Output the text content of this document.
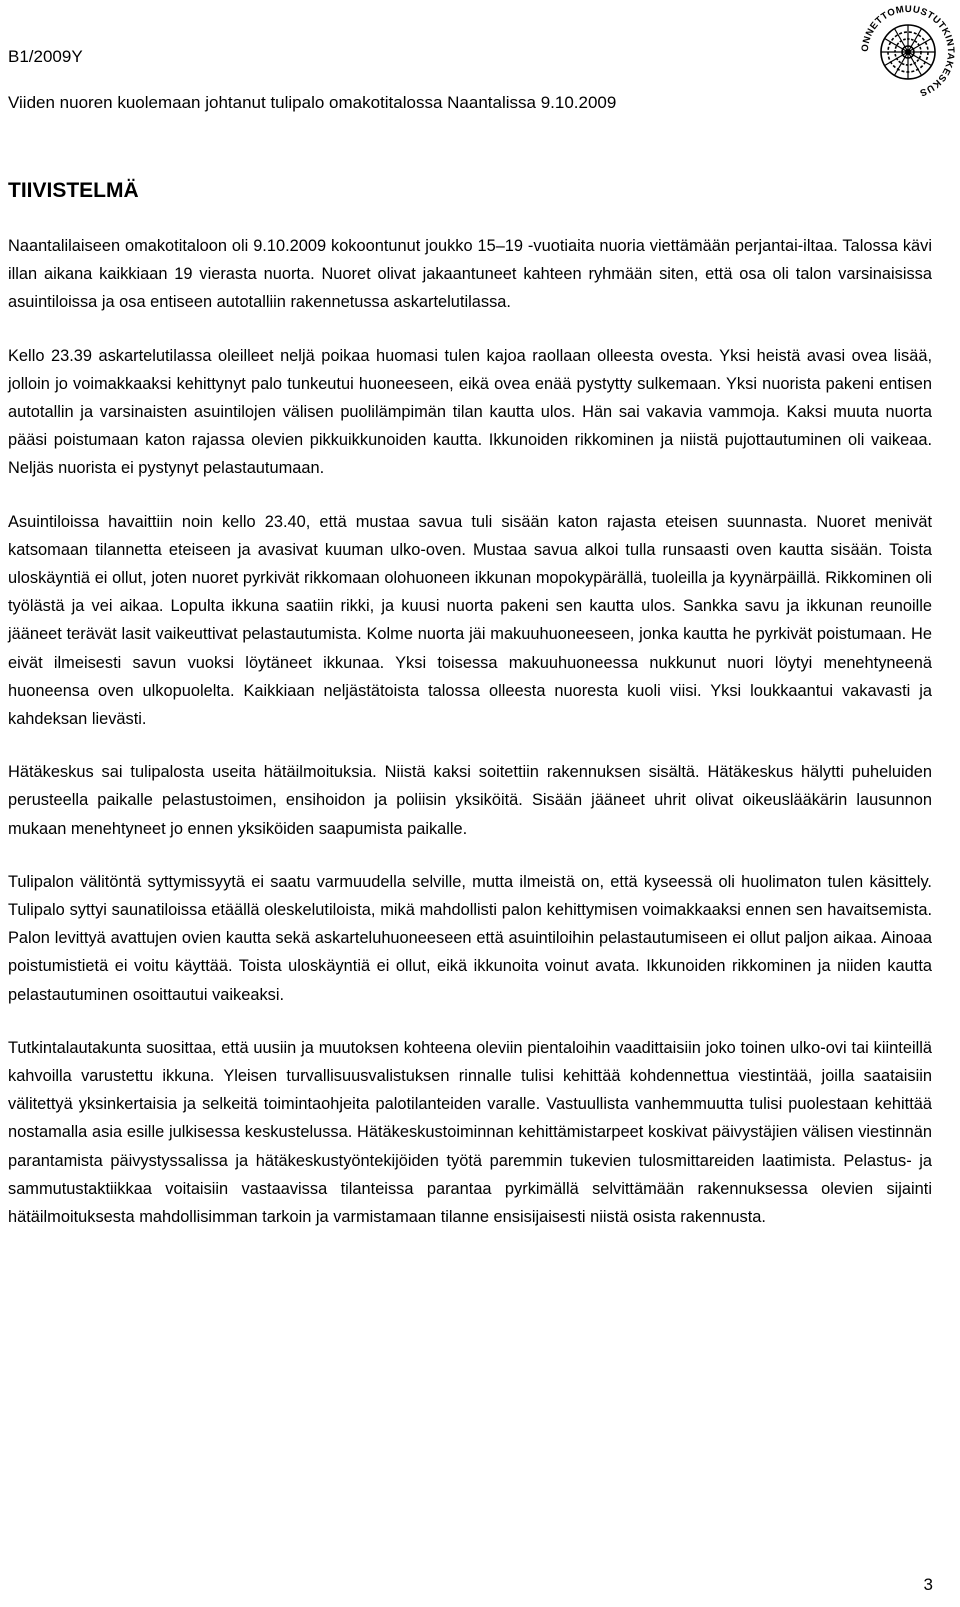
B1/2009Y
Viiden nuoren kuolemaan johtanut tulipalo omakotitalossa Naantalissa 9.10.2009
ONNETTOMUUSTUTKINTAKESKUS
TIIVISTELMÄ

Naantalilaiseen omakotitaloon oli 9.10.2009 kokoontunut joukko 15–19 -vuotiaita nuoria viettämään perjantai-iltaa. Talossa kävi illan aikana kaikkiaan 19 vierasta nuorta. Nuoret olivat jakaantuneet kahteen ryhmään siten, että osa oli talon varsinaisissa asuintiloissa ja osa entiseen autotalliin rakennetussa askartelutilassa.

Kello 23.39 askartelutilassa oleilleet neljä poikaa huomasi tulen kajoa raollaan olleesta ovesta. Yksi heistä avasi ovea lisää, jolloin jo voimakkaaksi kehittynyt palo tunkeutui huoneeseen, eikä ovea enää pystytty sulkemaan. Yksi nuorista pakeni entisen autotallin ja varsinaisten asuintilojen välisen puolilämpimän tilan kautta ulos. Hän sai vakavia vammoja. Kaksi muuta nuorta pääsi poistumaan katon rajassa olevien pikkuikkunoiden kautta. Ikkunoiden rikkominen ja niistä pujottautuminen oli vaikeaa. Neljäs nuorista ei pystynyt pelastautumaan.

Asuintiloissa havaittiin noin kello 23.40, että mustaa savua tuli sisään katon rajasta eteisen suunnasta. Nuoret menivät katsomaan tilannetta eteiseen ja avasivat kuuman ulko-oven. Mustaa savua alkoi tulla runsaasti oven kautta sisään. Toista uloskäyntiä ei ollut, joten nuoret pyrkivät rikkomaan olohuoneen ikkunan mopokypärällä, tuoleilla ja kyynärpäillä. Rikkominen oli työlästä ja vei aikaa. Lopulta ikkuna saatiin rikki, ja kuusi nuorta pakeni sen kautta ulos. Sankka savu ja ikkunan reunoille jääneet terävät lasit vaikeuttivat pelastautumista. Kolme nuorta jäi makuuhuoneeseen, jonka kautta he pyrkivät poistumaan. He eivät ilmeisesti savun vuoksi löytäneet ikkunaa. Yksi toisessa makuuhuoneessa nukkunut nuori löytyi menehtyneenä huoneensa oven ulkopuolelta. Kaikkiaan neljästätoista talossa olleesta nuoresta kuoli viisi. Yksi loukkaantui vakavasti ja kahdeksan lievästi.

Hätäkeskus sai tulipalosta useita hätäilmoituksia. Niistä kaksi soitettiin rakennuksen sisältä. Hätäkeskus hälytti puheluiden perusteella paikalle pelastustoimen, ensihoidon ja poliisin yksiköitä. Sisään jääneet uhrit olivat oikeuslääkärin lausunnon mukaan menehtyneet jo ennen yksiköiden saapumista paikalle.

Tulipalon välitöntä syttymissyytä ei saatu varmuudella selville, mutta ilmeistä on, että kyseessä oli huolimaton tulen käsittely. Tulipalo syttyi saunatiloissa etäällä oleskelutiloista, mikä mahdollisti palon kehittymisen voimakkaaksi ennen sen havaitsemista. Palon levittyä avattujen ovien kautta sekä askarteluhuoneeseen että asuintiloihin pelastautumiseen ei ollut paljon aikaa. Ainoaa poistumistietä ei voitu käyttää. Toista uloskäyntiä ei ollut, eikä ikkunoita voinut avata. Ikkunoiden rikkominen ja niiden kautta pelastautuminen osoittautui vaikeaksi.

Tutkintalautakunta suosittaa, että uusiin ja muutoksen kohteena oleviin pientaloihin vaadittaisiin joko toinen ulko-ovi tai kiinteillä kahvoilla varustettu ikkuna. Yleisen turvallisuusvalistuksen rinnalle tulisi kehittää kohdennettua viestintää, joilla saataisiin välitettyä yksinkertaisia ja selkeitä toimintaohjeita palotilanteiden varalle. Vastuullista vanhemmuutta tulisi puolestaan kehittää nostamalla asia esille julkisessa keskustelussa. Hätäkeskustoiminnan kehittämistarpeet koskivat päivystäjien välisen viestinnän parantamista päivystyssalissa ja hätäkeskustyöntekijöiden työtä paremmin tukevien tulosmittareiden laatimista. Pelastus- ja sammutustaktiikkaa voitaisiin vastaavissa tilanteissa parantaa pyrkimällä selvittämään rakennuksessa olevien sijainti hätäilmoituksesta mahdollisimman tarkoin ja varmistamaan tilanne ensisijaisesti niistä osista rakennusta.

3
